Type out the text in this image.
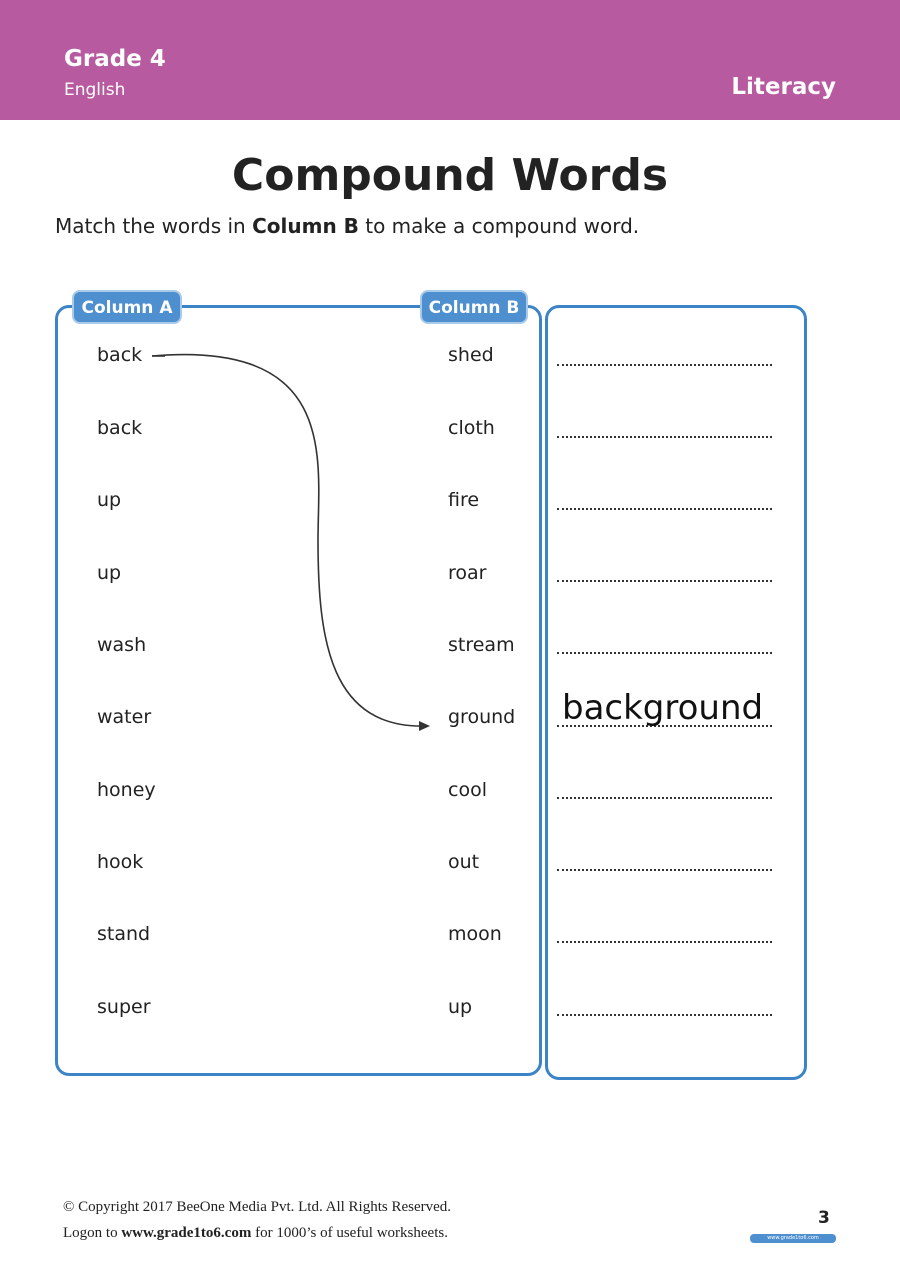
Grade 4
English	Literacy
Compound Words
Match the words in Column B to make a compound word.
Column A	Column B
back
back
up
up
wash
water
honey
hook
stand
super
shed
cloth
fire
roar
stream
ground
cool
out
moon
up
background
© Copyright 2017 BeeOne Media Pvt. Ltd. All Rights Reserved.
Logon to www.grade1to6.com for 1000’s of useful worksheets.
3
www.grade1to6.com
